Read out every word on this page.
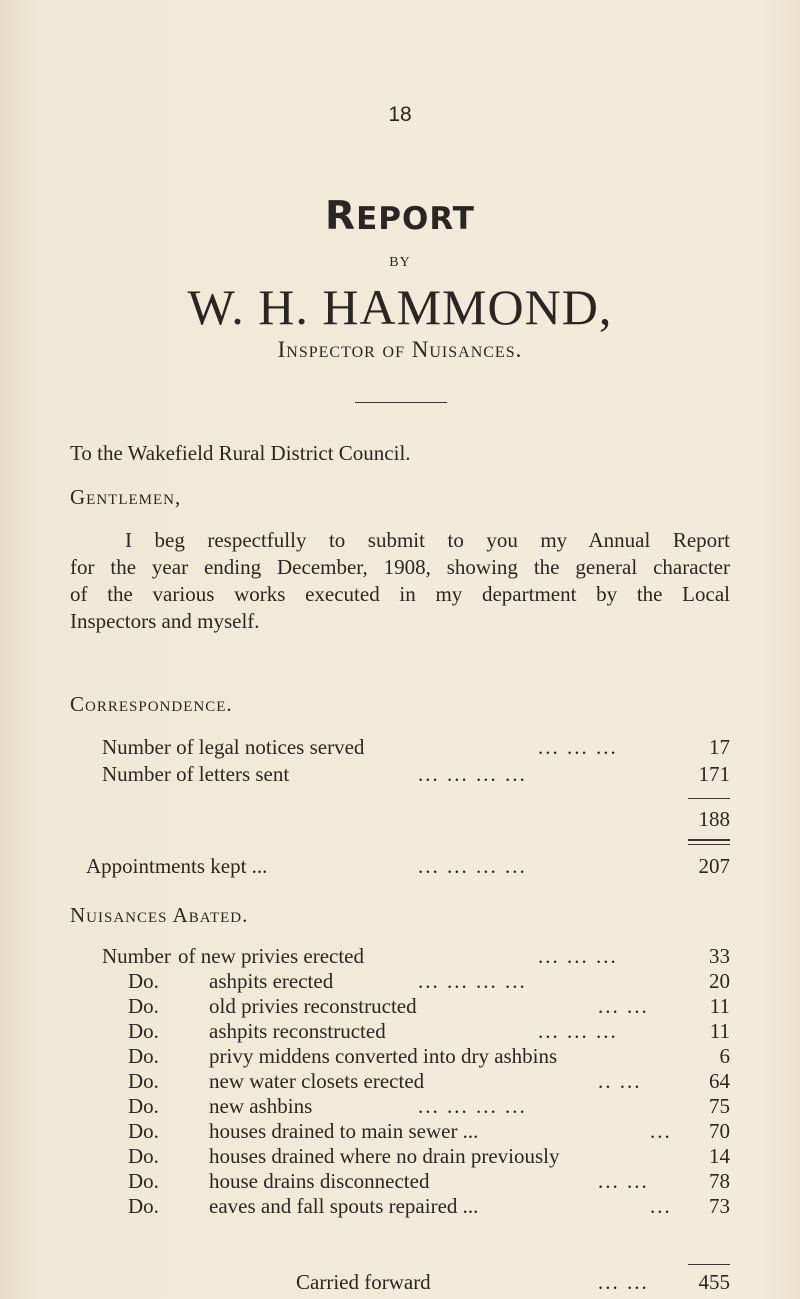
18
REPORT
BY
W. H. HAMMOND,
Inspector of Nuisances.
To the Wakefield Rural District Council.
Gentlemen,
I beg respectfully to submit to you my Annual Report
for the year ending December, 1908, showing the general character
of the various works executed in my department by the Local
Inspectors and myself.
Correspondence.
Number of legal notices served	... ... ...	17
Number of letters sent	... ... ... ...	171
188
Appointments kept ...	... ... ... ...	207
Nuisances Abated.
Number of new privies erected	... ... ...	33
Do.	ashpits erected	... ... ... ...	20
Do.	old privies reconstructed	... ...	11
Do.	ashpits reconstructed	... ... ...	11
Do.	privy middens converted into dry ashbins	6
Do.	new water closets erected	.. ...	64
Do.	new ashbins	... ... ... ...	75
Do.	houses drained to main sewer ...	...	70
Do.	houses drained where no drain previously	14
Do.	house drains disconnected	... ...	78
Do.	eaves and fall spouts repaired ...	...	73
Carried forward	... ...	455
